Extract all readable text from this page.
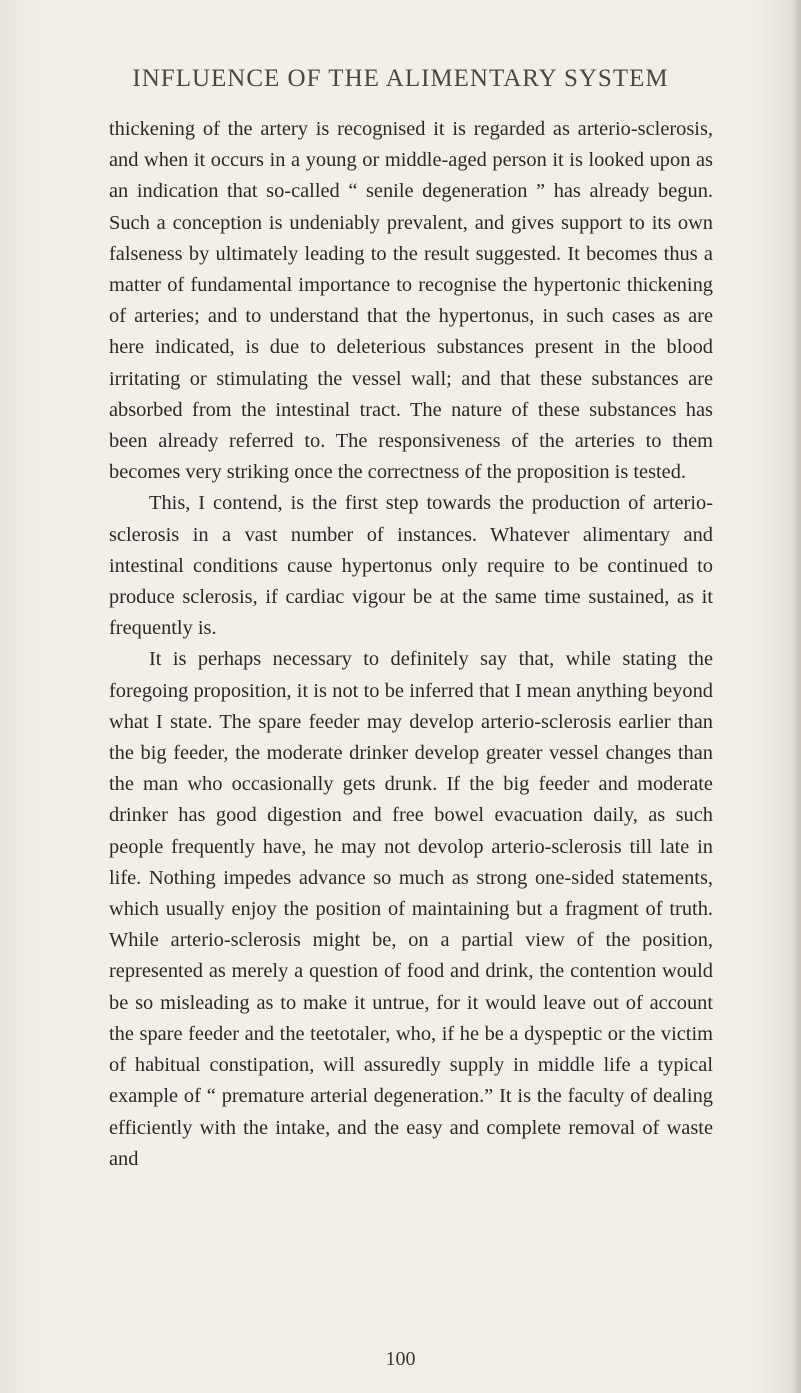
INFLUENCE OF THE ALIMENTARY SYSTEM

thickening of the artery is recognised it is regarded as arterio-sclerosis, and when it occurs in a young or middle-aged person it is looked upon as an indication that so-called “ senile degeneration ” has already begun. Such a conception is undeniably prevalent, and gives support to its own falseness by ultimately leading to the result suggested. It becomes thus a matter of fundamental importance to recognise the hypertonic thickening of arteries; and to understand that the hypertonus, in such cases as are here indicated, is due to deleterious substances present in the blood irritating or stimulating the vessel wall; and that these substances are absorbed from the intestinal tract. The nature of these substances has been already referred to. The responsiveness of the arteries to them becomes very striking once the correctness of the proposition is tested.

This, I contend, is the first step towards the production of arterio-sclerosis in a vast number of instances. Whatever alimentary and intestinal conditions cause hypertonus only require to be continued to produce sclerosis, if cardiac vigour be at the same time sustained, as it frequently is.

It is perhaps necessary to definitely say that, while stating the foregoing proposition, it is not to be inferred that I mean anything beyond what I state. The spare feeder may develop arterio-sclerosis earlier than the big feeder, the moderate drinker develop greater vessel changes than the man who occasionally gets drunk. If the big feeder and moderate drinker has good digestion and free bowel evacuation daily, as such people frequently have, he may not devolop arterio-sclerosis till late in life. Nothing impedes advance so much as strong one-sided statements, which usually enjoy the position of maintaining but a fragment of truth. While arterio-sclerosis might be, on a partial view of the position, represented as merely a question of food and drink, the contention would be so misleading as to make it untrue, for it would leave out of account the spare feeder and the teetotaler, who, if he be a dyspeptic or the victim of habitual constipation, will assuredly supply in middle life a typical example of “ premature arterial degeneration.” It is the faculty of dealing efficiently with the intake, and the easy and complete removal of waste and

100
